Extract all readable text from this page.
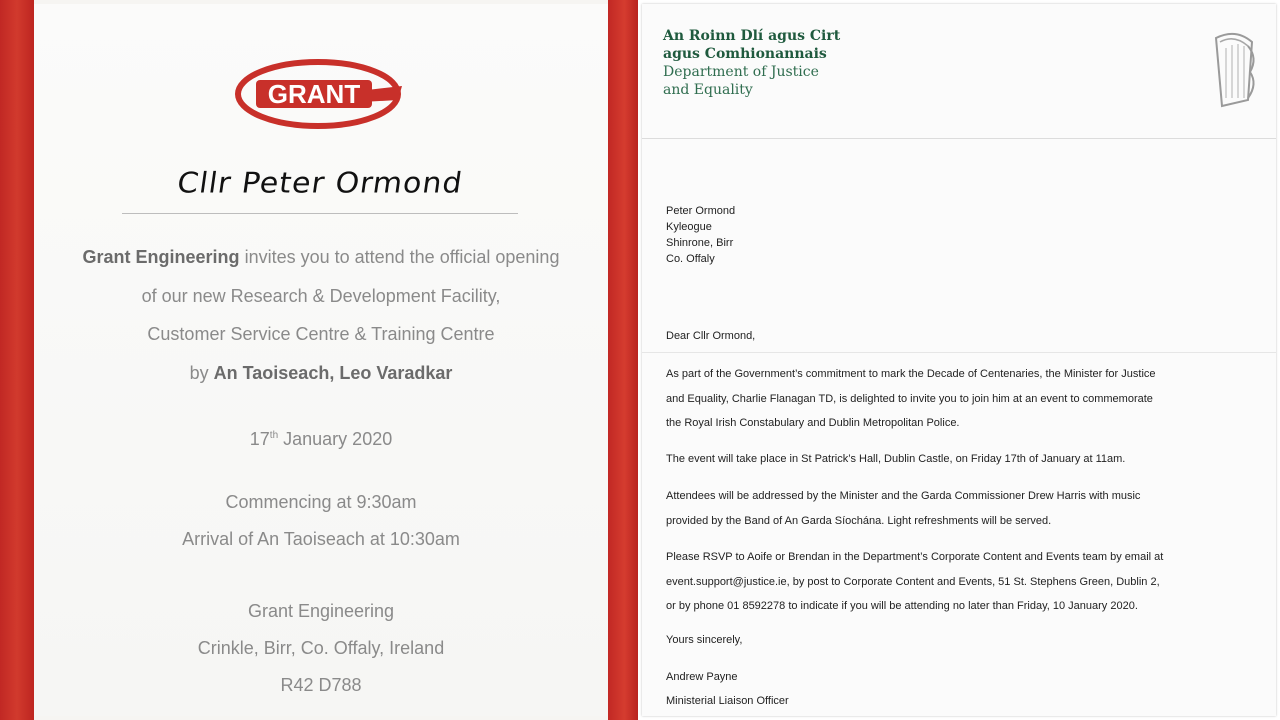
GRANT
Cllr Peter Ormond
Grant Engineering invites you to attend the official opening
of our new Research & Development Facility,
Customer Service Centre & Training Centre
by An Taoiseach, Leo Varadkar
17th January 2020
Commencing at 9:30am
Arrival of An Taoiseach at 10:30am
Grant Engineering
Crinkle, Birr, Co. Offaly, Ireland
R42 D788
An Roinn Dlí agus Cirt
agus Comhionannais
Department of Justice
and Equality
Peter Ormond
Kyleogue
Shinrone, Birr
Co. Offaly
Dear Cllr Ormond,
As part of the Government’s commitment to mark the Decade of Centenaries, the Minister for Justice
and Equality, Charlie Flanagan TD, is delighted to invite you to join him at an event to commemorate
the Royal Irish Constabulary and Dublin Metropolitan Police.
The event will take place in St Patrick’s Hall, Dublin Castle, on Friday 17th of January at 11am.
Attendees will be addressed by the Minister and the Garda Commissioner Drew Harris with music
provided by the Band of An Garda Síochána. Light refreshments will be served.
Please RSVP to Aoife or Brendan in the Department’s Corporate Content and Events team by email at
event.support@justice.ie, by post to Corporate Content and Events, 51 St. Stephens Green, Dublin 2,
or by phone 01 8592278 to indicate if you will be attending no later than Friday, 10 January 2020.
Yours sincerely,
Andrew Payne
Ministerial Liaison Officer
